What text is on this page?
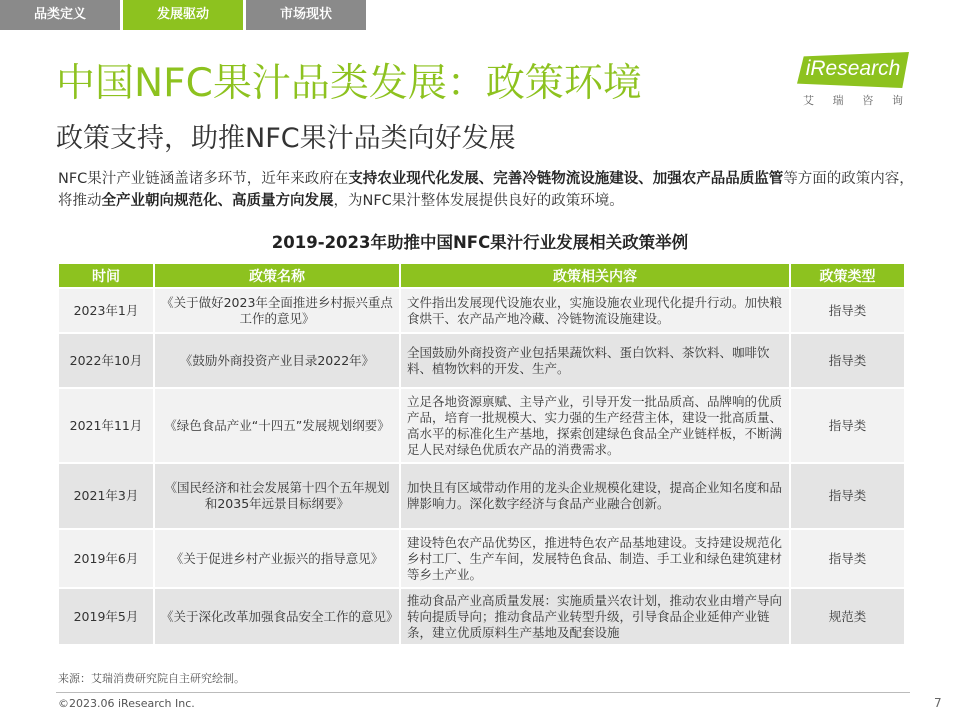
品类定义	发展驱动	市场现状
中国NFC果汁品类发展：政策环境
政策支持，助推NFC果汁品类向好发展
iResearch
艾 瑞 咨 询
NFC果汁产业链涵盖诸多环节，近年来政府在支持农业现代化发展、完善冷链物流设施建设、加强农产品品质监管等方面的政策内容，将推动全产业朝向规范化、高质量方向发展，为NFC果汁整体发展提供良好的政策环境。
2019-2023年助推中国NFC果汁行业发展相关政策举例
时间	政策名称	政策相关内容	政策类型
2023年1月	《关于做好2023年全面推进乡村振兴重点工作的意见》	文件指出发展现代设施农业，实施设施农业现代化提升行动。加快粮食烘干、农产品产地冷藏、冷链物流设施建设。	指导类
2022年10月	《鼓励外商投资产业目录2022年》	全国鼓励外商投资产业包括果蔬饮料、蛋白饮料、茶饮料、咖啡饮料、植物饮料的开发、生产。	指导类
2021年11月	《绿色食品产业“十四五”发展规划纲要》	立足各地资源禀赋、主导产业，引导开发一批品质高、品牌响的优质产品，培育一批规模大、实力强的生产经营主体，建设一批高质量、高水平的标准化生产基地，探索创建绿色食品全产业链样板，不断满足人民对绿色优质农产品的消费需求。	指导类
2021年3月	《国民经济和社会发展第十四个五年规划和2035年远景目标纲要》	加快且有区域带动作用的龙头企业规模化建设，提高企业知名度和品牌影响力。深化数字经济与食品产业融合创新。	指导类
2019年6月	《关于促进乡村产业振兴的指导意见》	建设特色农产品优势区，推进特色农产品基地建设。支持建设规范化乡村工厂、生产车间，发展特色食品、制造、手工业和绿色建筑建材等乡土产业。	指导类
2019年5月	《关于深化改革加强食品安全工作的意见》	推动食品产业高质量发展：实施质量兴农计划，推动农业由增产导向转向提质导向；推动食品产业转型升级，引导食品企业延伸产业链条，建立优质原料生产基地及配套设施	规范类
来源：艾瑞消费研究院自主研究绘制。
©2023.06 iResearch Inc.	7
